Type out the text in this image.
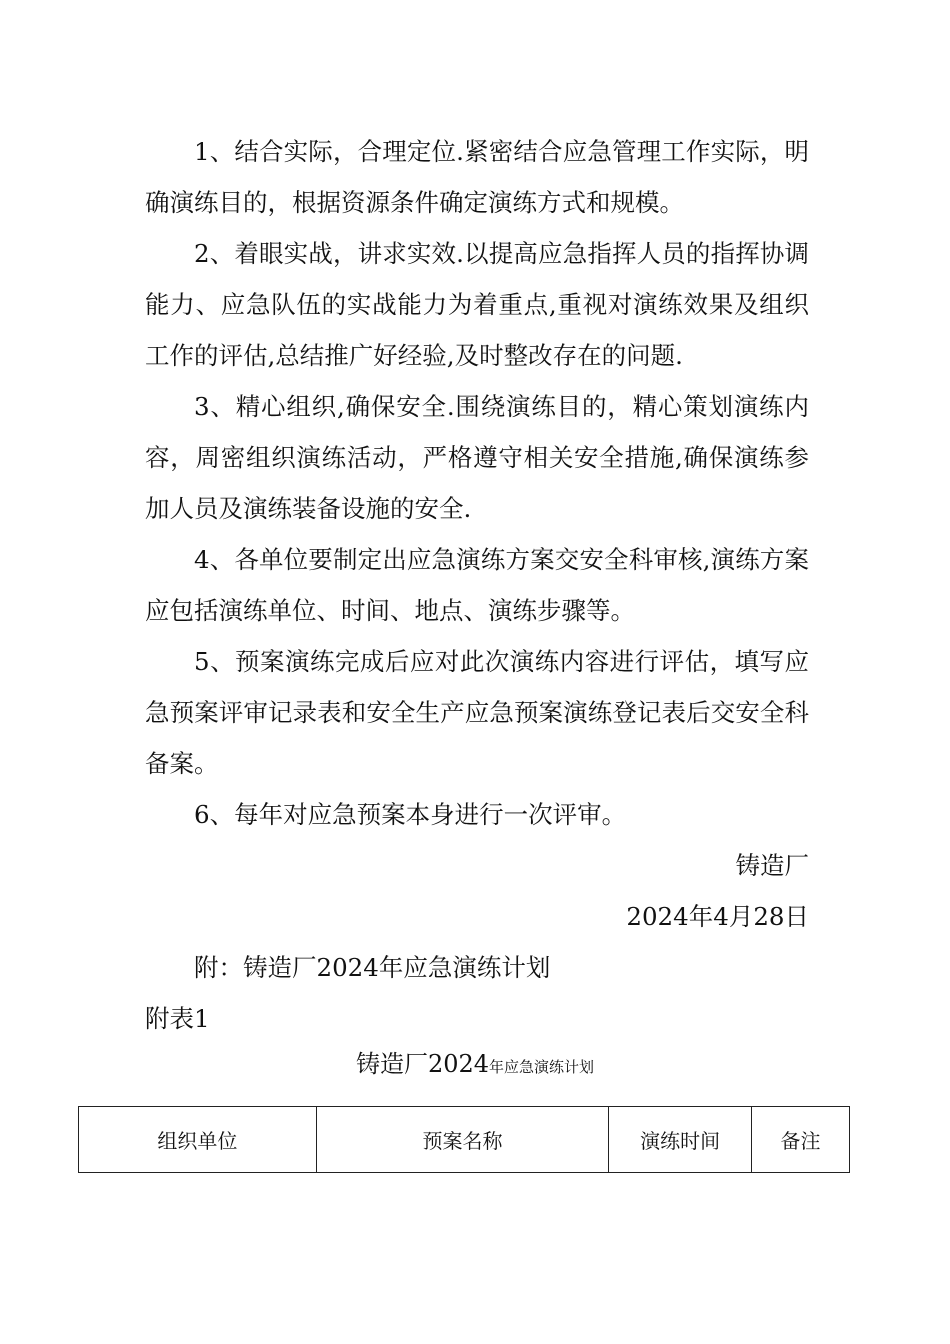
1、结合实际，合理定位.紧密结合应急管理工作实际，明确演练目的，根据资源条件确定演练方式和规模。

2、着眼实战，讲求实效.以提高应急指挥人员的指挥协调能力、应急队伍的实战能力为着重点,重视对演练效果及组织工作的评估,总结推广好经验,及时整改存在的问题.

3、精心组织,确保安全.围绕演练目的，精心策划演练内容，周密组织演练活动，严格遵守相关安全措施,确保演练参加人员及演练装备设施的安全.

4、各单位要制定出应急演练方案交安全科审核,演练方案应包括演练单位、时间、地点、演练步骤等。

5、预案演练完成后应对此次演练内容进行评估，填写应急预案评审记录表和安全生产应急预案演练登记表后交安全科备案。

6、每年对应急预案本身进行一次评审。

铸造厂

2024年4月28日

附：铸造厂2024年应急演练计划

附表1

铸造厂2024年应急演练计划
组织单位	预案名称	演练时间	备注
